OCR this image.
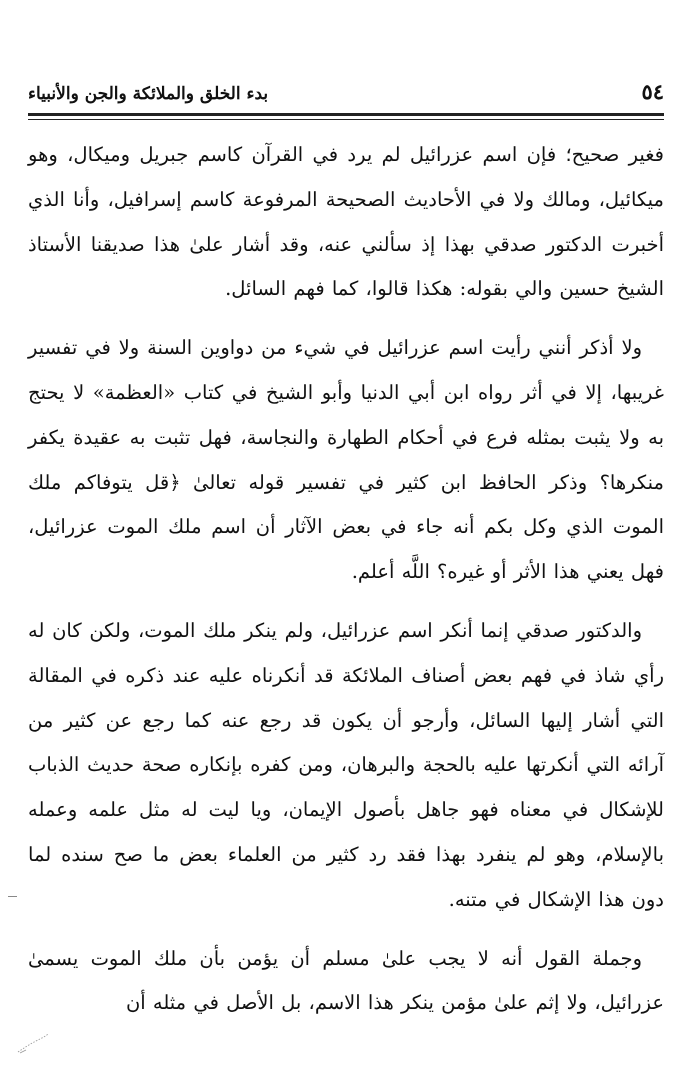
٥٤
بدء الخلق والملائكة والجن والأنبياء

فغير صحيح؛ فإن اسم عزرائيل لم يرد في القرآن كاسم جبريل وميكال، وهو ميكائيل، ومالك ولا في الأحاديث الصحيحة المرفوعة كاسم إسرافيل، وأنا الذي أخبرت الدكتور صدقي بهذا إذ سألني عنه، وقد أشار علىٰ هذا صديقنا الأستاذ الشيخ حسين والي بقوله: هكذا قالوا، كما فهم السائل.

ولا أذكر أنني رأيت اسم عزرائيل في شيء من دواوين السنة ولا في تفسير غريبها، إلا في أثر رواه ابن أبي الدنيا وأبو الشيخ في كتاب «العظمة» لا يحتج به ولا يثبت بمثله فرع في أحكام الطهارة والنجاسة، فهل تثبت به عقيدة يكفر منكرها؟ وذكر الحافظ ابن كثير في تفسير قوله تعالىٰ ﴿قل يتوفاكم ملك الموت الذي وكل بكم أنه جاء في بعض الآثار أن اسم ملك الموت عزرائيل، فهل يعني هذا الأثر أو غيره؟ اللَّه أعلم.

والدكتور صدقي إنما أنكر اسم عزرائيل، ولم ينكر ملك الموت، ولكن كان له رأي شاذ في فهم بعض أصناف الملائكة قد أنكرناه عليه عند ذكره في المقالة التي أشار إليها السائل، وأرجو أن يكون قد رجع عنه كما رجع عن كثير من آرائه التي أنكرتها عليه بالحجة والبرهان، ومن كفره بإنكاره صحة حديث الذباب للإشكال في معناه فهو جاهل بأصول الإيمان، ويا ليت له مثل علمه وعمله بالإسلام، وهو لم ينفرد بهذا فقد رد كثير من العلماء بعض ما صح سنده لما دون هذا الإشكال في متنه.

وجملة القول أنه لا يجب علىٰ مسلم أن يؤمن بأن ملك الموت يسمىٰ عزرائيل، ولا إثم علىٰ مؤمن ينكر هذا الاسم، بل الأصل في مثله أن
